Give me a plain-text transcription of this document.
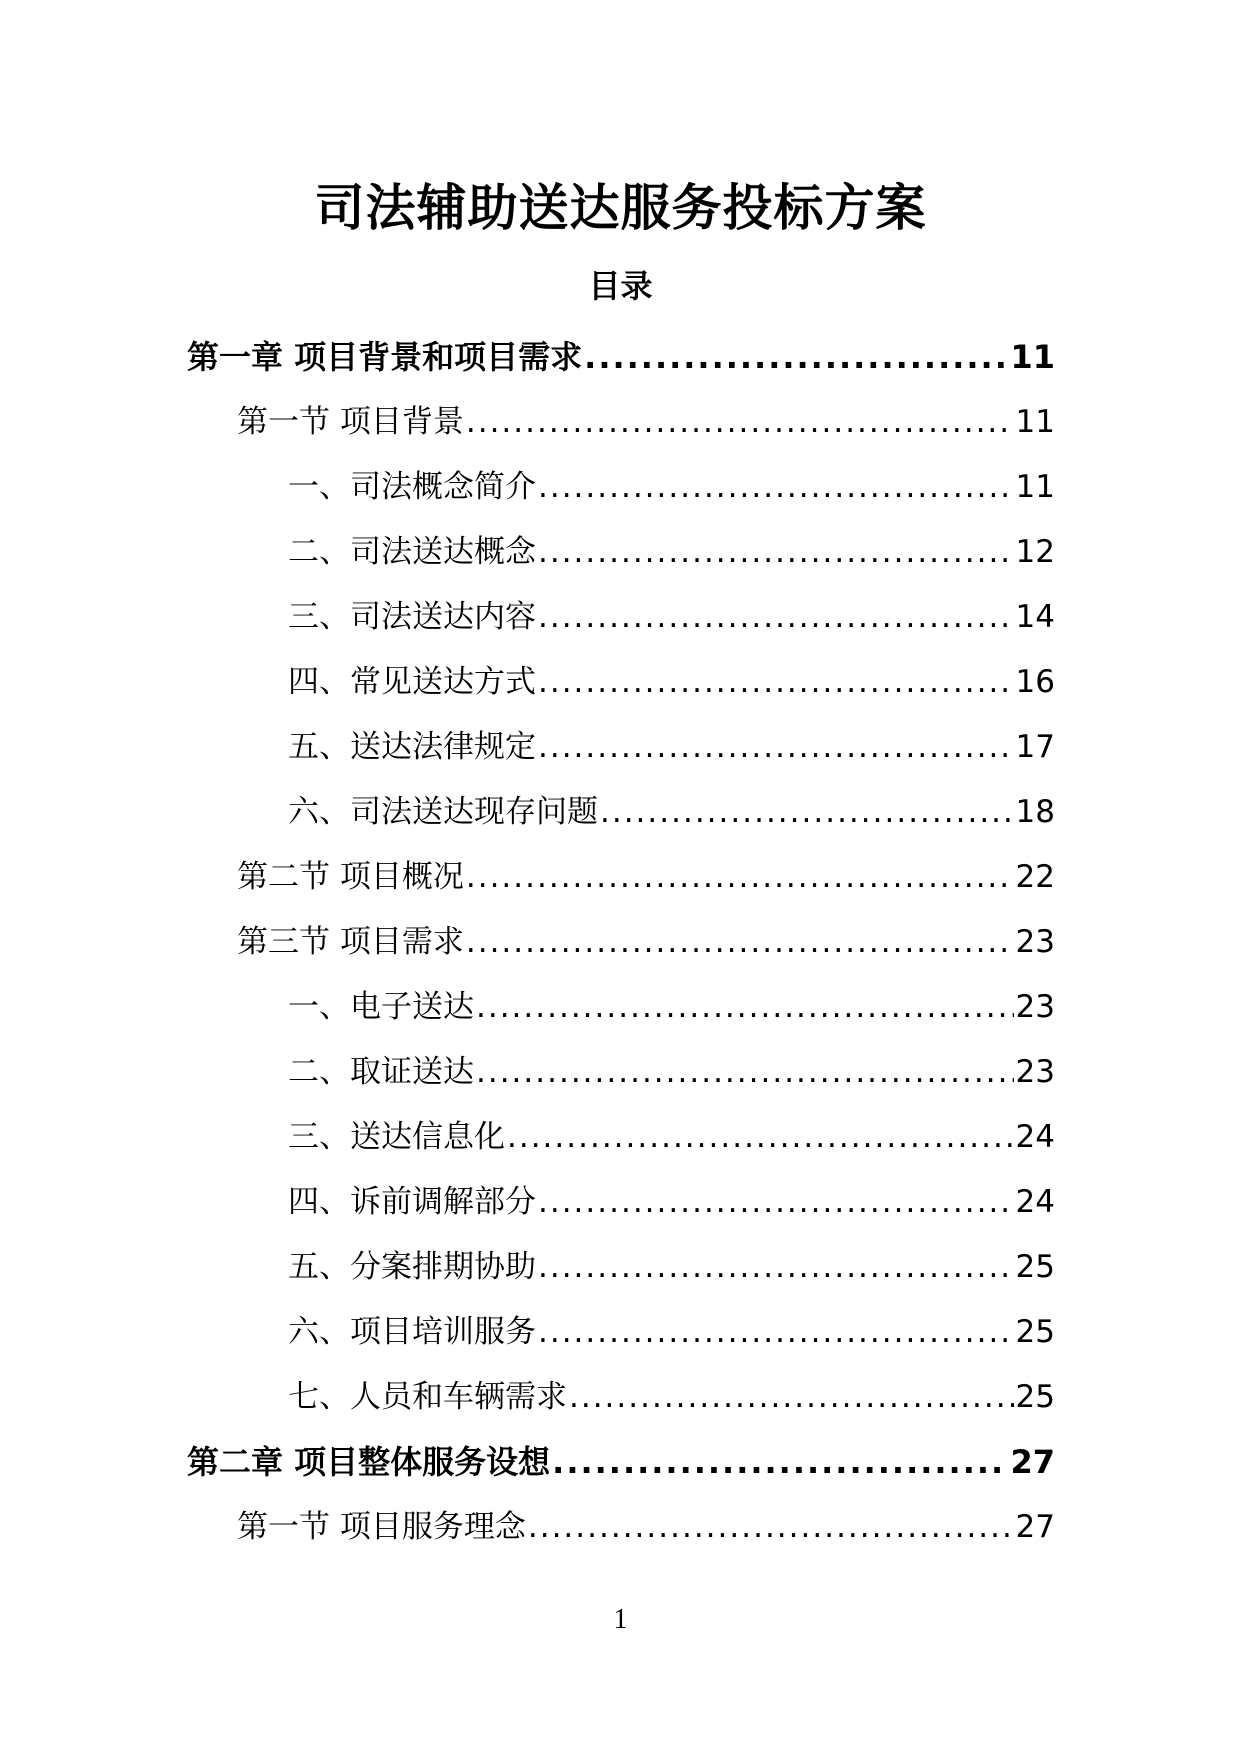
司法辅助送达服务投标方案
目录
第一章 项目背景和项目需求 .....	11
第一节 项目背景 .....	11
一、司法概念简介 .....	11
二、司法送达概念 .....	12
三、司法送达内容 .....	14
四、常见送达方式 .....	16
五、送达法律规定 .....	17
六、司法送达现存问题 .....	18
第二节 项目概况 .....	22
第三节 项目需求 .....	23
一、电子送达 .....	23
二、取证送达 .....	23
三、送达信息化 .....	24
四、诉前调解部分 .....	24
五、分案排期协助 .....	25
六、项目培训服务 .....	25
七、人员和车辆需求 .....	25
第二章 项目整体服务设想 .....	27
第一节 项目服务理念 .....	27
1
